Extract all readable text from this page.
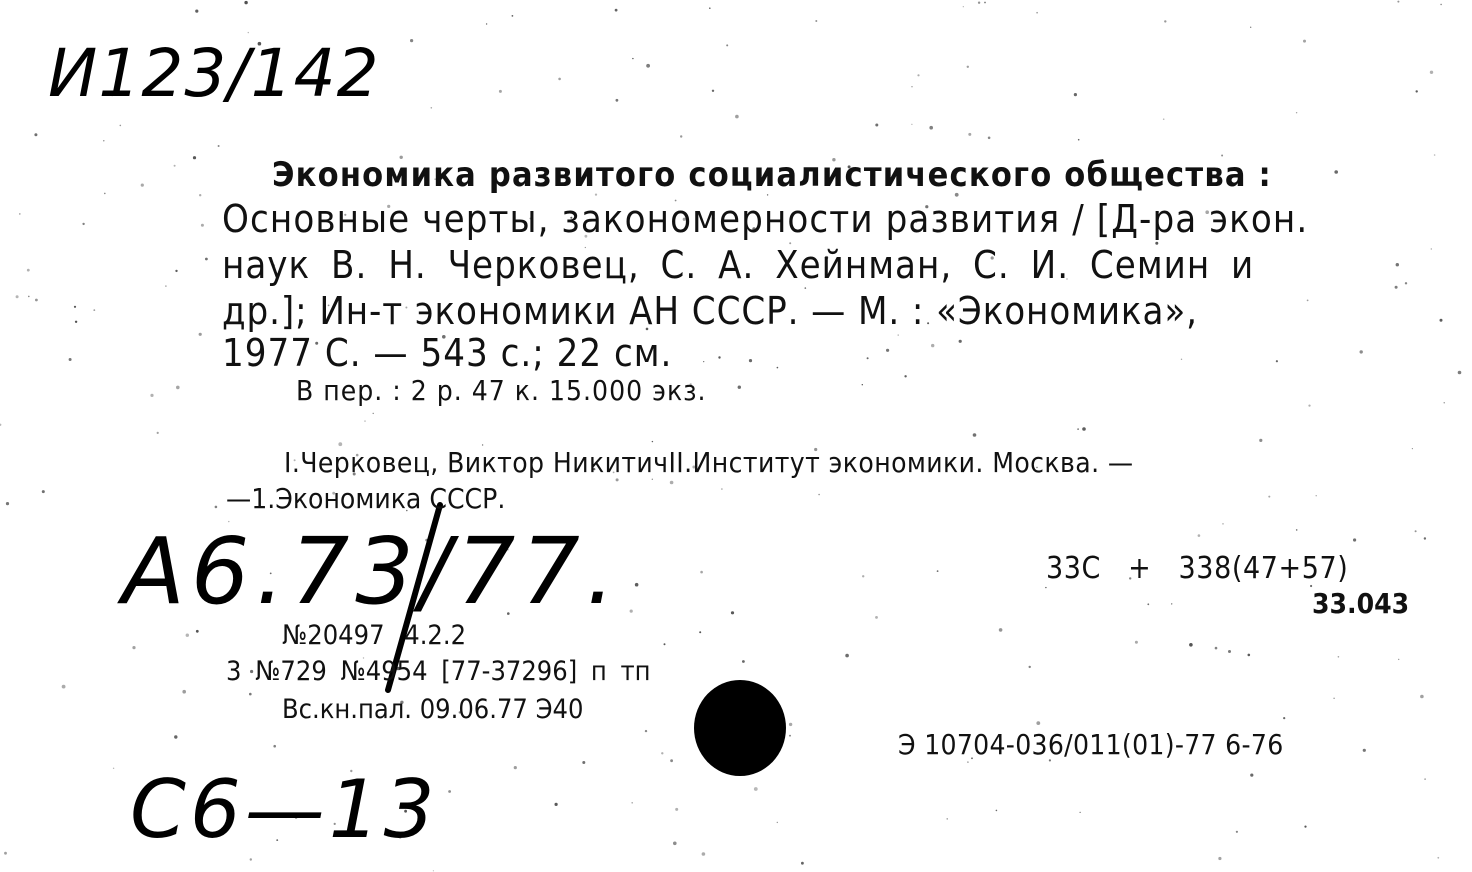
И123/142
Экономика развитого социалистического общества :
Основные черты, закономерности развития / [Д-ра экон.
наук В. Н. Черковец, С. А. Хейнман, С. И. Семин и
др.]; Ин-т экономики АН СССР. — М. : «Экономика»,
1977 С. — 543 с.; 22 см.
В пер. : 2 р. 47 к. 15.000 экз.
I.Черковец, Виктор НикитичII.Институт экономики. Москва. —
—1.Экономика СССР.
А6.73/77.	33С + 338(47+57)
33.043
№20497 4.2.2
3 №729 №4954 [77-37296] п тп
Вс.кн.пал. 09.06.77 Э40
Э 10704-036/011(01)-77 6-76
С6—13
